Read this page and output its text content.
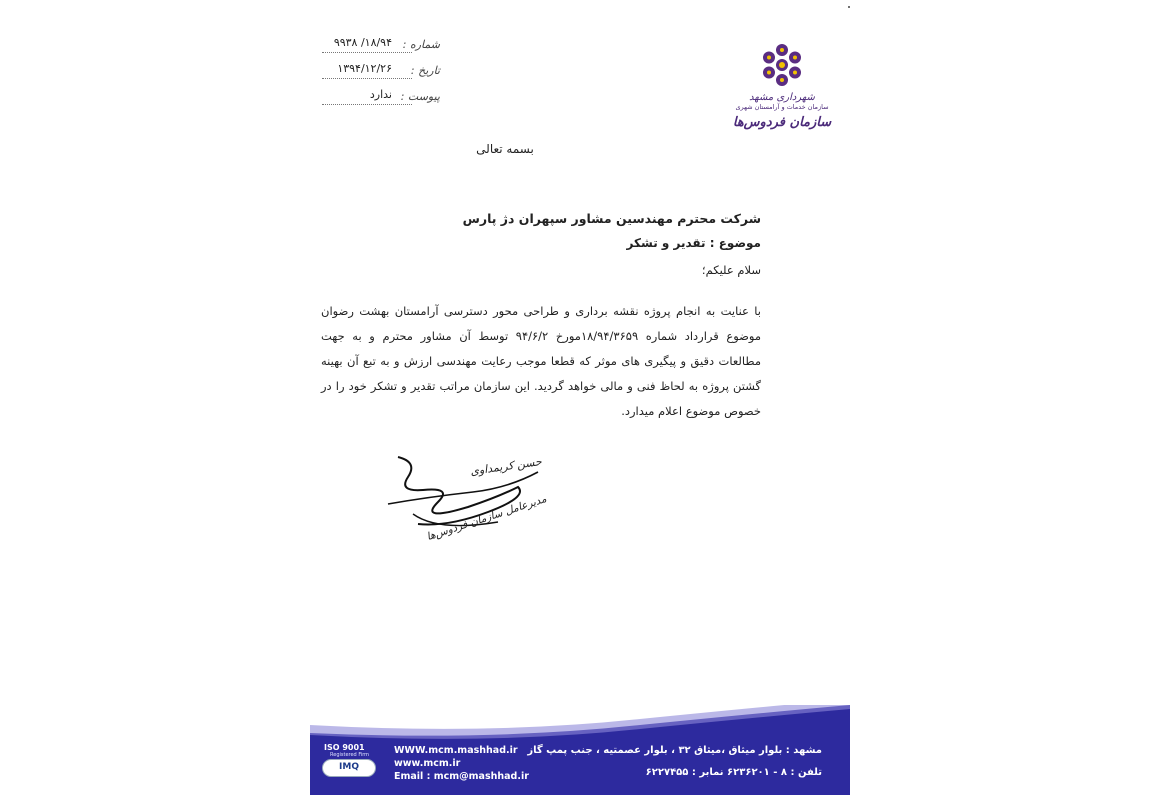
شماره :
۱۸/۹۴/ ۹۹۳۸
تاریخ :
۱۳۹۴/۱۲/۲۶
پیوست :
ندارد	شهرداری مشهد
سازمان خدمات و آرامستان شهری
سازمان فردوس‌ها
بسمه تعالی
شرکت محترم مهندسین مشاور سپهران دژ پارس
موضوع : تقدیر و تشکر
سلام علیکم؛
با عنایت به انجام پروژه نقشه برداری و طراحی محور دسترسی آرامستان بهشت رضوان موضوع قرارداد شماره ۱۸/۹۴/۳۶۵۹مورخ ۹۴/۶/۲ توسط آن مشاور محترم و به جهت مطالعات دقیق و پیگیری های موثر که قطعا موجب رعایت مهندسی ارزش و به تبع آن بهینه گشتن پروژه به لحاظ فنی و مالی خواهد گردید. این سازمان مراتب تقدیر و تشکر خود را در خصوص موضوع اعلام میدارد.
حسن کریمداوی
مدیرعامل سازمان فردوس‌ها
مشهد : بلوار میثاق ،میثاق ۳۲ ، بلوار عصمتیه ، جنب پمپ گاز
تلفن : ۸ - ۶۲۳۶۲۰۱ نمابر : ۶۲۲۷۴۵۵
WWW.mcm.mashhad.ir
www.mcm.ir
Email : mcm@mashhad.ir
ISO 9001
Registered Firm
IMQ
